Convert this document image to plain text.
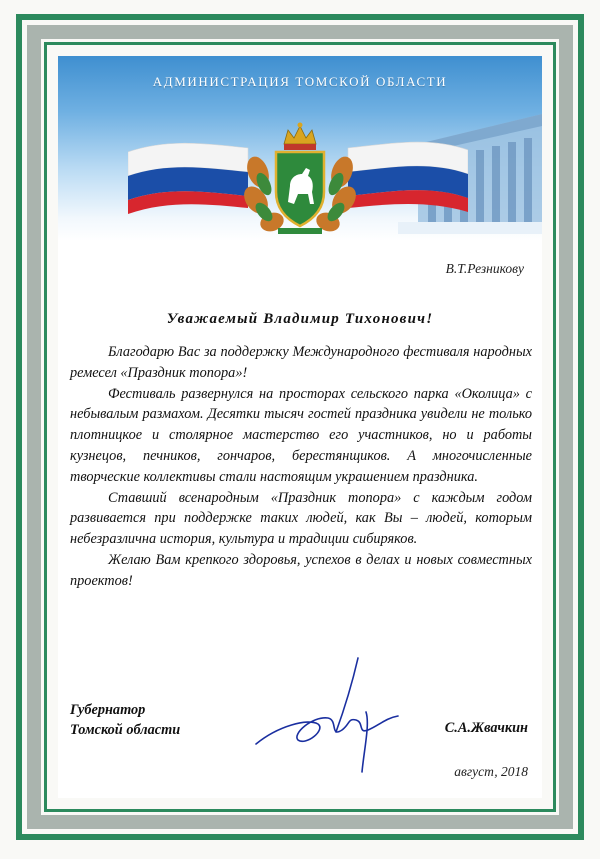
АДМИНИСТРАЦИЯ ТОМСКОЙ ОБЛАСТИ
В.Т.Резникову
Уважаемый Владимир Тихонович!

Благодарю Вас за поддержку Международного фестиваля народных ремесел «Праздник топора»!

Фестиваль развернулся на просторах сельского парка «Околица» с небывалым размахом. Десятки тысяч гостей праздника увидели не только плотницкое и столярное мастерство его участников, но и работы кузнецов, печников, гончаров, берестянщиков. А многочисленные творческие коллективы стали настоящим украшением праздника.

Ставший всенародным «Праздник топора» с каждым годом развивается при поддержке таких людей, как Вы – людей, которым небезразлична история, культура и традиции сибиряков.

Желаю Вам крепкого здоровья, успехов в делах и новых совместных проектов!

Губернатор
Томской области	С.А.Жвачкин
август, 2018
